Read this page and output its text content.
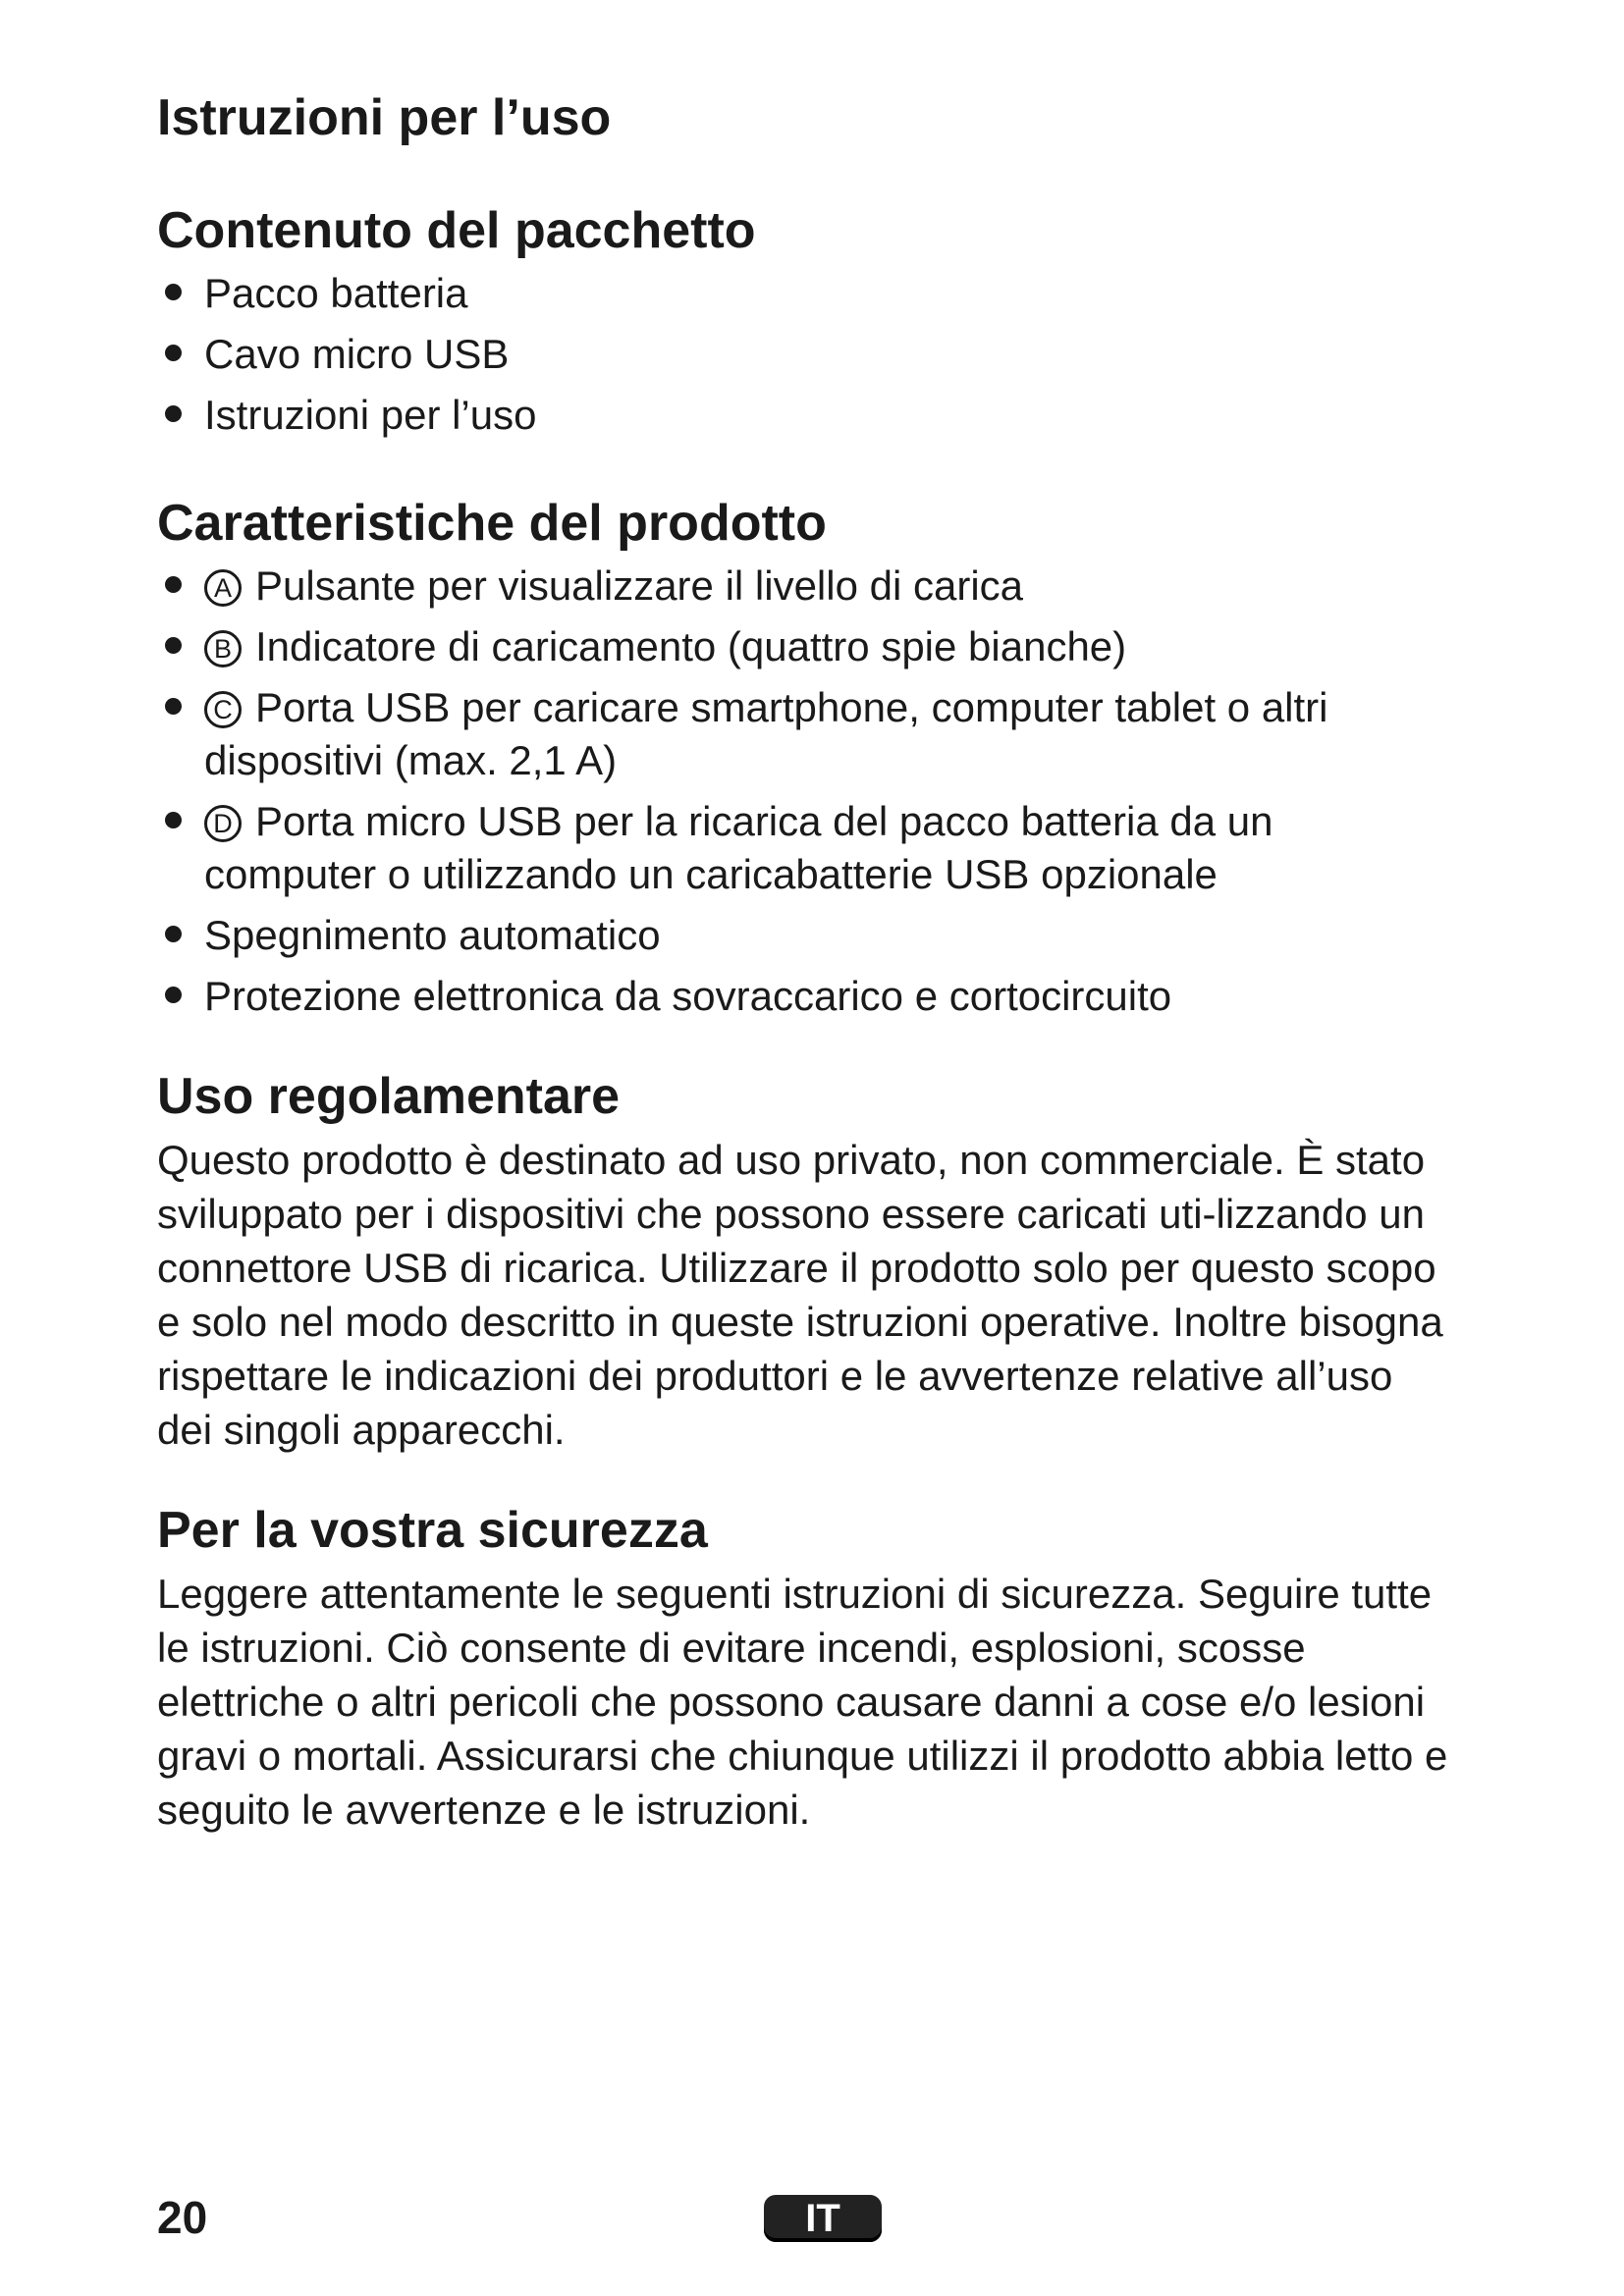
Istruzioni per l’uso
Contenuto del pacchetto
Pacco batteria
Cavo micro USB
Istruzioni per l’uso
Caratteristiche del prodotto
A Pulsante per visualizzare il livello di carica
B Indicatore di caricamento (quattro spie bianche)
C Porta USB per caricare smartphone, computer tablet o altri dispositivi (max. 2,1 A)
D Porta micro USB per la ricarica del pacco batteria da un computer o utilizzando un caricabatterie USB opzionale
Spegnimento automatico
Protezione elettronica da sovraccarico e cortocircuito
Uso regolamentare

Questo prodotto è destinato ad uso privato, non commerciale. È stato sviluppato per i dispositivi che possono essere caricati uti-lizzando un connettore USB di ricarica. Utilizzare il prodotto solo per questo scopo e solo nel modo descritto in queste istruzioni operative. Inoltre bisogna rispettare le indicazioni dei produttori e le avvertenze relative all’uso dei singoli apparecchi.

Per la vostra sicurezza

Leggere attentamente le seguenti istruzioni di sicurezza. Seguire tutte le istruzioni. Ciò consente di evitare incendi, esplosioni, scosse elettriche o altri pericoli che possono causare danni a cose e/o lesioni gravi o mortali. Assicurarsi che chiunque utilizzi il prodotto abbia letto e seguito le avvertenze e le istruzioni.

20	IT
